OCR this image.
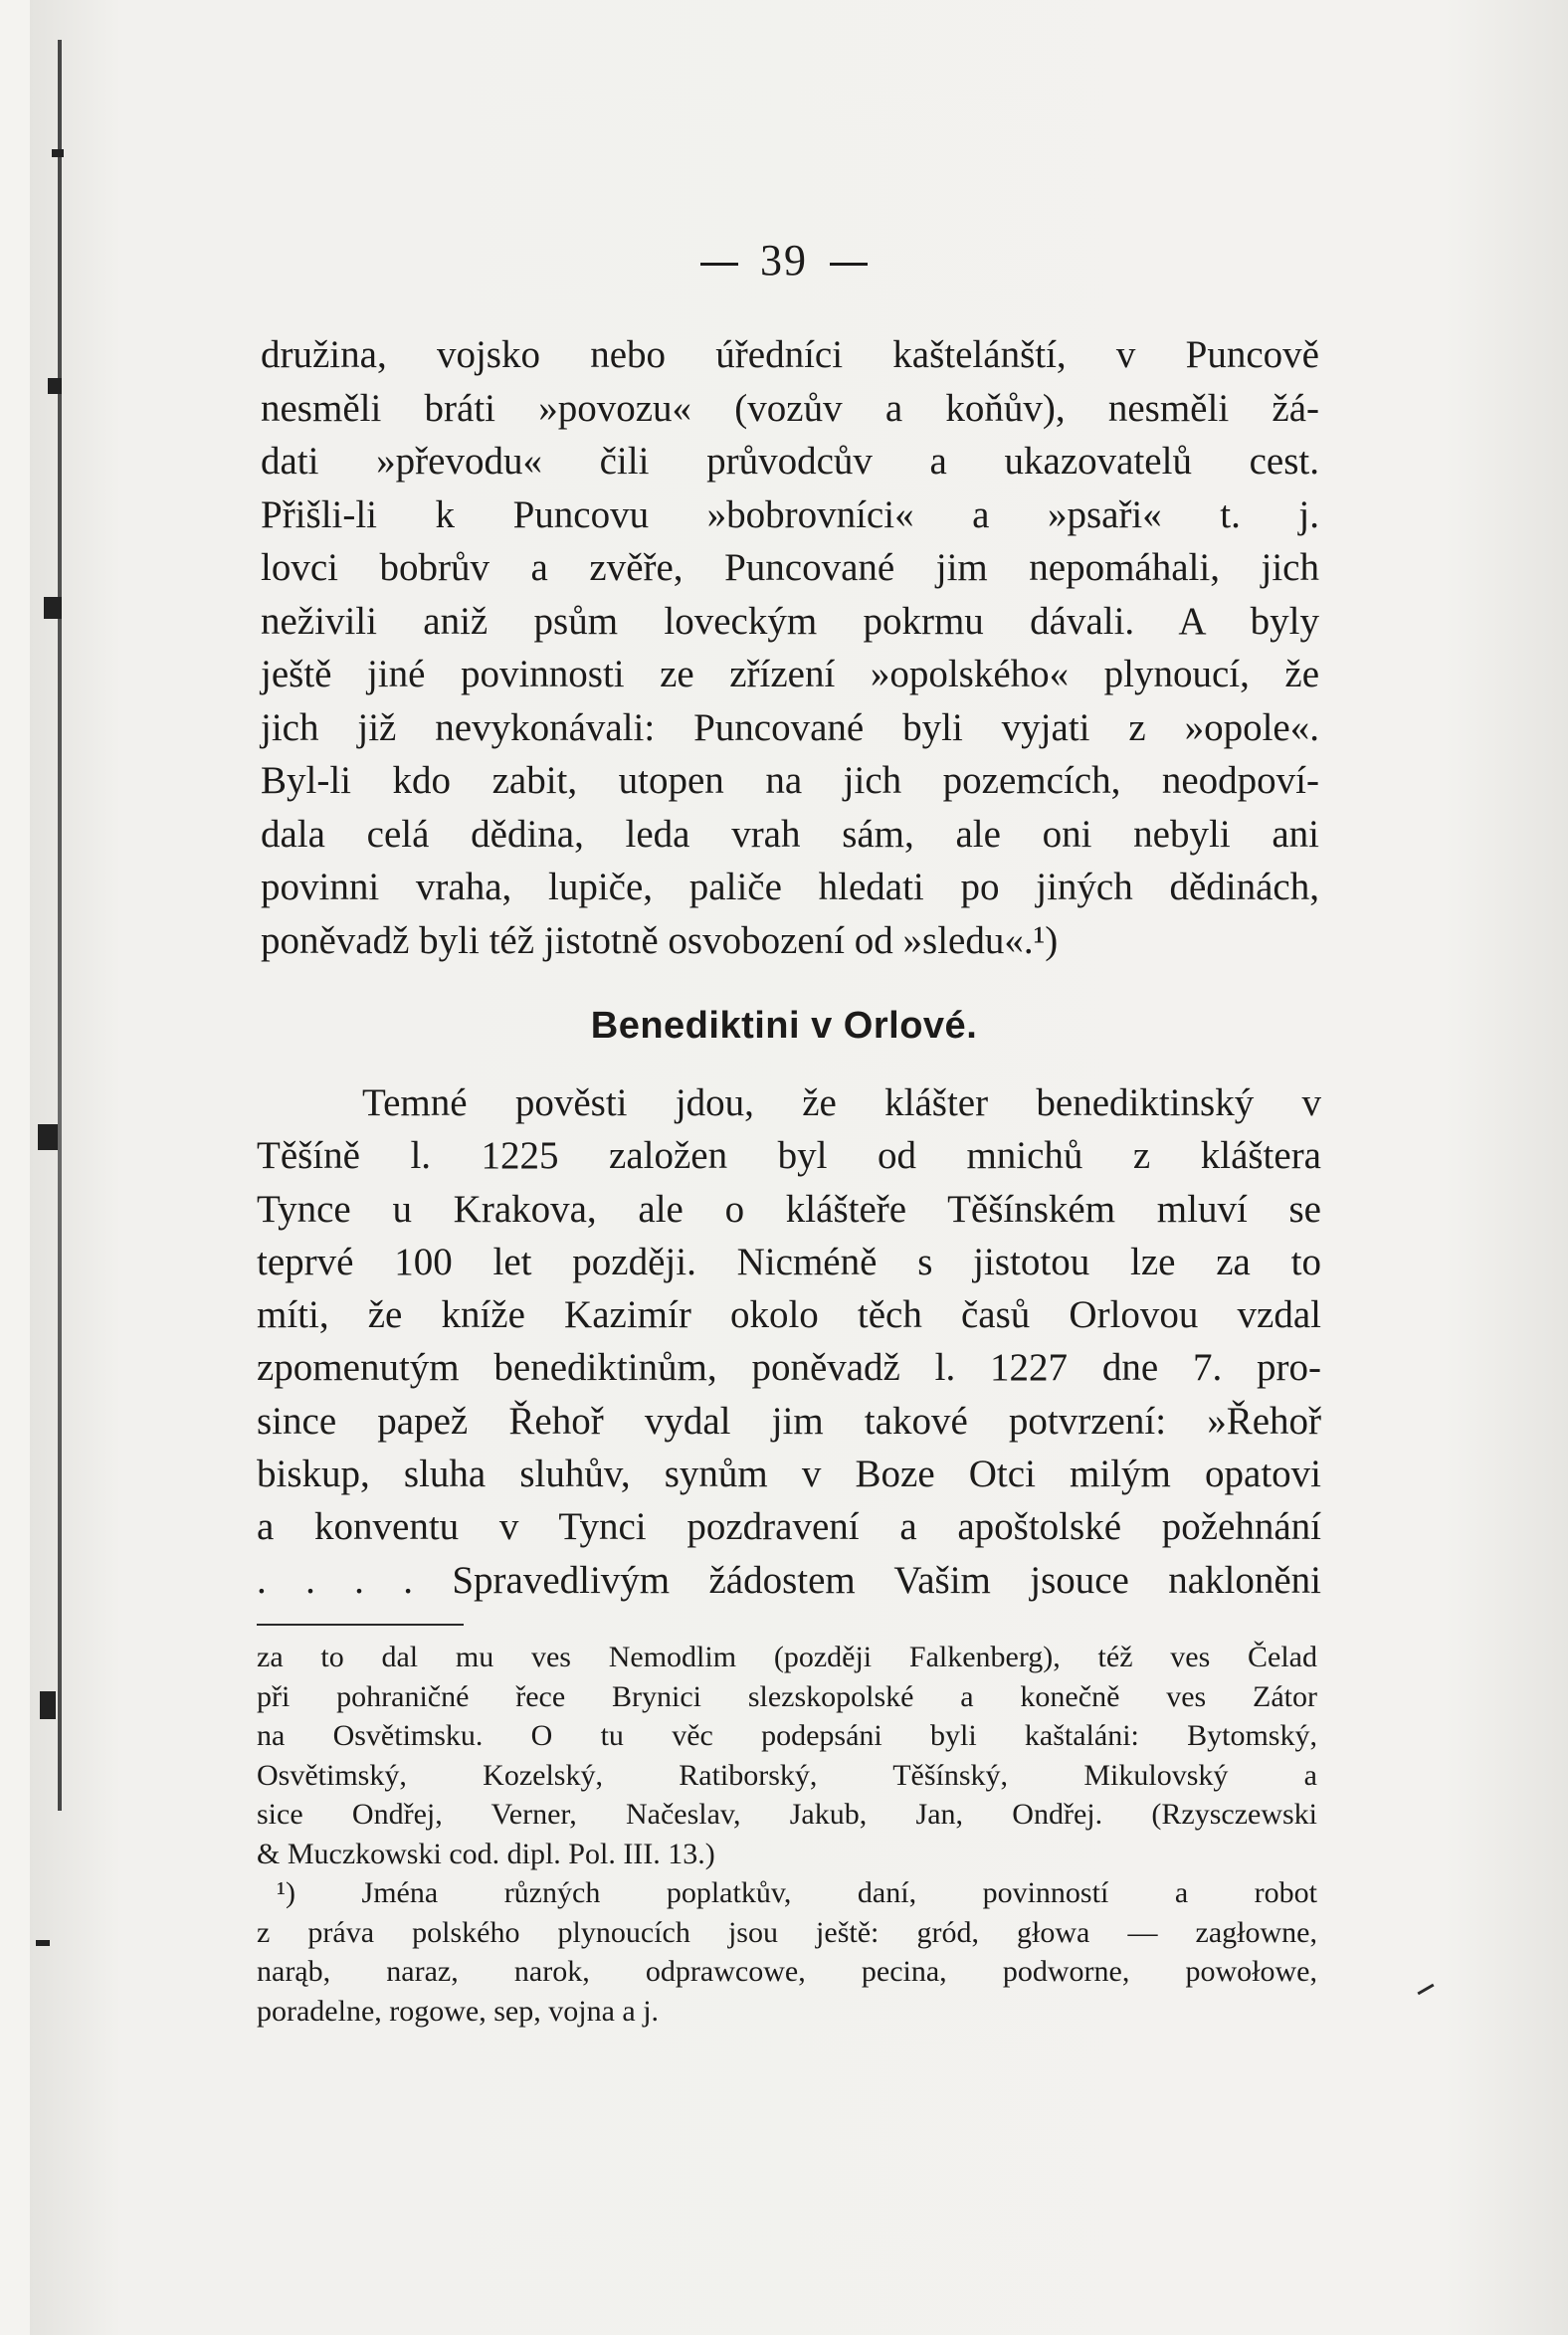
39
družina, vojsko nebo úředníci kaštelánští, v Puncově
nesměli bráti »povozu« (vozův a koňův), nesměli žá-
dati »převodu« čili průvodcův a ukazovatelů cest.
Přišli-li k Puncovu »bobrovníci« a »psaři« t. j.
lovci bobrův a zvěře, Puncované jim nepomáhali, jich
neživili aniž psům loveckým pokrmu dávali. A byly
ještě jiné povinnosti ze zřízení »opolského« plynoucí, že
jich již nevykonávali: Puncované byli vyjati z »opole«.
Byl-li kdo zabit, utopen na jich pozemcích, neodpoví-
dala celá dědina, leda vrah sám, ale oni nebyli ani
povinni vraha, lupiče, paliče hledati po jiných dědinách,
poněvadž byli též jistotně osvobození od »sledu«.¹)
Benediktini v Orlové.
Temné pověsti jdou, že klášter benediktinský v
Těšíně l. 1225 založen byl od mnichů z kláštera
Tynce u Krakova, ale o klášteře Těšínském mluví se
teprvé 100 let později. Nicméně s jistotou lze za to
míti, že kníže Kazimír okolo těch časů Orlovou vzdal
zpomenutým benediktinům, poněvadž l. 1227 dne 7. pro-
since papež Řehoř vydal jim takové potvrzení: »Řehoř
biskup, sluha sluhův, synům v Boze Otci milým opatovi
a konventu v Tynci pozdravení a apoštolské požehnání
. . . . Spravedlivým žádostem Vašim jsouce nakloněni
za to dal mu ves Nemodlim (později Falkenberg), též ves Čelad
při pohraničné řece Brynici slezskopolské a konečně ves Zátor
na Osvětimsku. O tu věc podepsáni byli kaštaláni: Bytomský,
Osvětimský, Kozelský, Ratiborský, Těšínský, Mikulovský a
sice Ondřej, Verner, Načeslav, Jakub, Jan, Ondřej. (Rzysczewski
& Muczkowski cod. dipl. Pol. III. 13.)
¹) Jména různých poplatkův, daní, povinností a robot
z práva polského plynoucích jsou ještě: gród, głowa — zagłowne,
narąb, naraz, narok, odprawcowe, pecina, podworne, powołowe,
poradelne, rogowe, sep, vojna a j.
